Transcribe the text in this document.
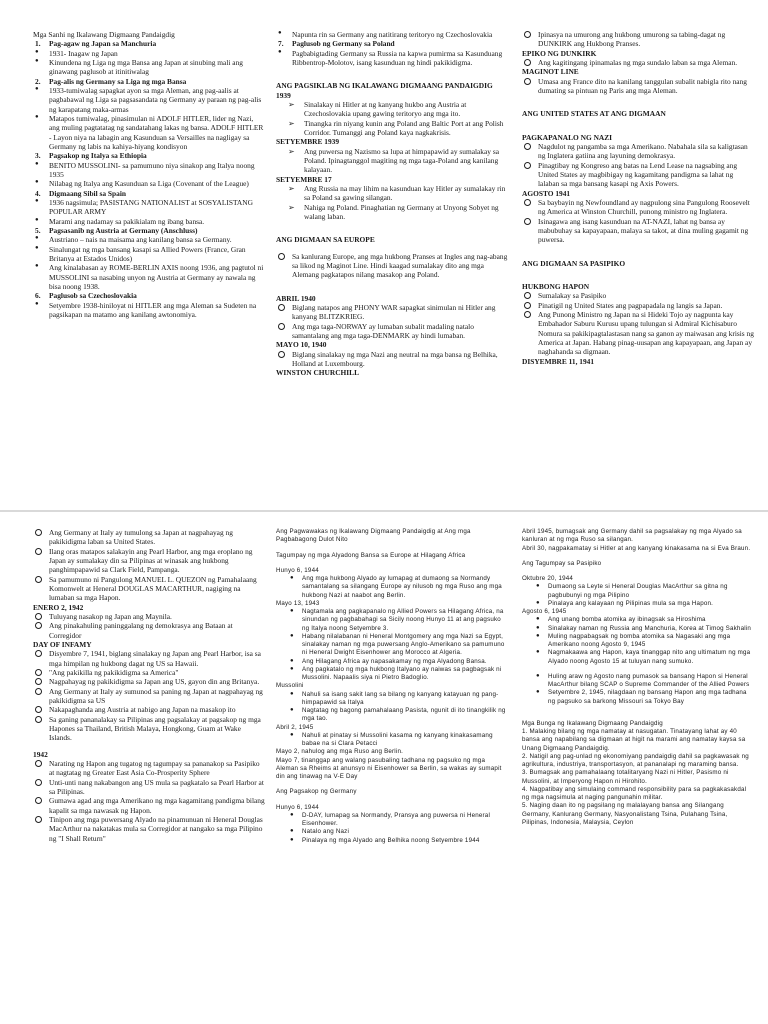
Mga Sanhi ng Ikalawang Digmaang Pandaigdig

1. Pag-agaw ng Japan sa Manchuria
● 1931- Inagaw ng Japan
● Kinundena ng Liga ng mga Bansa ang Japan at sinubing mali ang ginawang paglusob at itinitiwalag
2. Pag-alis ng Germany sa Liga ng mga Bansa
● 1933-tumiwalag sapagkat ayon sa mga Aleman, ang pag-aalis at pagbabawal ng Liga sa pagsasandata ng Germany ay paraan ng pag-alis ng karapatang maka-armas
● Matapos tumiwalag, pinasimulan ni ADOLF HITLER, lider ng Nazi, ang muling pagtatatag ng sandatahang lakas ng bansa. ADOLF HITLER - Layon niya na labagin ang Kasunduan sa Versailles na nagligay sa Germany ng labis na kahiya-hiyang kondisyon
3. Pagsakop ng Italya sa Ethiopia
● BENITO MUSSOLINI- sa pamumuno niya sinakop ang Italya noong 1935
● Nilabag ng Italya ang Kasunduan sa Liga (Covenant of the League)
4. Digmaang Sibil sa Spain
● 1936 nagsimula; PASISTANG NATIONALIST at SOSYALISTANG POPULAR ARMY
● Marami ang nadamay sa pakikialam ng ibang bansa.
5. Pagsasanib ng Austria at Germany (Anschluss)
● Austriano – nais na maisama ang kanilang bansa sa Germany.
● Sinalungat ng mga bansang kasapi sa Allied Powers (France, Gran Britanya at Estados Unidos)
● Ang kinalabasan ay ROME-BERLIN AXIS noong 1936, ang pagtutol ni MUSSOLINI sa nasabing unyon ng Austria at Germany ay nawala ng bisa noong 1938.
6. Paglusob sa Czechoslovakia
● Setyembre 1938-hiniloyat ni HITLER ang mga Aleman sa Sudeten na pagsikapan na matamo ang kanilang awtonomiya.
● Napunta rin sa Germany ang natitirang teritoryo ng Czechoslovakia
7. Paglusob ng Germany sa Poland
● Pagbabigtading Germany sa Russia na kapwa pumirma sa Kasunduang Ribbentrop-Molotov, isang kasunduan ng hindi pakikidigma.

ANG PAGSIKLAB NG IKALAWANG DIGMAANG PANDAIGDIG

1939

➢ Sinalakay ni Hitler at ng kanyang hukbo ang Austria at Czechoslovakia upang gawing teritoryo ang mga ito.
➢ Tinangka rin niyang kunin ang Poland ang Baltic Port at ang Polish Corridor. Tumanggi ang Poland kaya nagkakrisis.

SETYEMBRE 1939

➢ Ang puwersa ng Nazismo sa lupa at himpapawid ay sumalakay sa Poland. Ipinagtanggol magiting ng mga taga-Poland ang kanilang kalayaan.

SETYEMBRE 17

➢ Ang Russia na may lihim na kasunduan kay Hitler ay sumalakay rin sa Poland sa gawing silangan.
➢ Nahiga ng Poland. Pinaghatian ng Germany at Unyong Sobyet ng walang laban.

ANG DIGMAAN SA EUROPE

Sa kanlurang Europe, ang mga hukbong Pranses at Ingles ang nag-abang sa likod ng Maginot Line. Hindi kaagad sumalakay dito ang mga Alemang pagkatapos nilang masakop ang Poland.

ABRIL 1940

Biglang natapos ang PHONY WAR sapagkat sinimulan ni Hitler ang kanyang BLITZKRIEG.
Ang mga taga-NORWAY ay lumaban subalit madaling natalo samantalang ang mga taga-DENMARK ay hindi lumaban.

MAYO 10, 1940

Biglang sinalakay ng mga Nazi ang neutral na mga bansa ng Belhika, Holland at Luxembourg.

WINSTON CHURCHILL

Ipinasya na umurong ang hukbong umurong sa tabing-dagat ng DUNKIRK ang Hukbong Pranses.

EPIKO NG DUNKIRK

Ang kagitingang ipinamalas ng mga sundalo laban sa mga Aleman.

MAGINOT LINE

Umasa ang France dito na kanilang tanggulan subalit nabigla rito nang dumating sa pintuan ng Paris ang mga Aleman.

ANG UNITED STATES AT ANG DIGMAAN

PAGKAPANALO NG NAZI

Nagdulot ng pangamba sa mga Amerikano. Nabahala sila sa kaligtasan ng Inglatera gatiina ang layuning demokrasya.
Pinagtibay ng Kongreso ang batas na Lend Lease na nagsabing ang United States ay magbibigay ng kagamitang pandigma sa lahat ng lalaban sa mga bansang kasapi ng Axis Powers.

AGOSTO 1941

Sa baybayin ng Newfoundland ay nagpulong sina Pangulong Roosevelt ng America at Winston Churchill, punong ministro ng Inglatera.
Isinagawa ang isang kasunduan na AT-NAZI, lahat ng bansa ay mabubuhay sa kapayapaan, malaya sa takot, at dina muling gagamit ng puwersa.

ANG DIGMAAN SA PASIPIKO

HUKBONG HAPON

Sumalakay sa Pasipiko
Pinatigil ng United States ang pagpapadala ng langis sa Japan.
Ang Punong Ministro ng Japan na si Hideki Tojo ay nagpunta kay Embahador Saburu Kurusu upang tulungan si Admiral Kichisaburo Nomura sa pakikipagtalastasan nang sa ganon ay maiwasan ang krisis ng America at Japan. Habang pinag-uusapan ang kapayapaan, ang Japan ay naghahanda sa digmaan.

DISYEMBRE 11, 1941

Ang Germany at Italy ay tumulong sa Japan at nagpahayag ng pakikidigma laban sa United States.
Ilang oras matapos salakayin ang Pearl Harbor, ang mga eroplano ng Japan ay sumalakay din sa Pilipinas at winasak ang hukbong panghimpapawid sa Clark Field, Pampanga.
Sa pamumuno ni Pangulong MANUEL L. QUEZON ng Pamahalaang Komonwelt at Heneral DOUGLAS MACARTHUR, nagiging na lumaban sa mga Hapon.

ENERO 2, 1942

Tuluyang nasakop ng Japan ang Maynila.
Ang pinakahuling paninggalang ng demokrasya ang Bataan at Corregidor

DAY OF INFAMY

Disyembre 7, 1941, biglang sinalakay ng Japan ang Pearl Harbor, isa sa mga himpilan ng hukbong dagat ng US sa Hawaii.
"Ang pakikilla ng pakikidigma sa America"
Nagpahayag ng pakikidigma sa Japan ang US, gayon din ang Britanya.
Ang Germany at Italy ay sumunod sa paning ng Japan at nagpahayag ng pakikidigma sa US
Nakapaghanda ang Austria at nabigo ang Japan na masakop ito
Sa ganing pananalakay sa Pilipinas ang pagsalakay at pagsakop ng mga Hapones sa Thailand, British Malaya, Hongkong, Guam at Wake Islands.

1942

Narating ng Hapon ang tugatog ng tagumpay sa pananakop sa Pasipiko at nagtatag ng Greater East Asia Co-Prosperity Sphere
Unti-unti nang nakabangon ang US mula sa pagkatalo sa Pearl Harbor at sa Pilipinas.
Gumawa agad ang mga Amerikano ng mga kagamitang pandigma bilang kapalit sa mga nawasak ng Hapon.
Tinipon ang mga puwersang Alyado na pinamunuan ni Heneral Douglas MacArthur na nakatakas mula sa Corregidor at nangako sa mga Pilipino ng "I Shall Return"

Ang Pagwawakas ng Ikalawang Digmaang Pandaigdig at Ang mga Pagbabagong Dulot Nito

Tagumpay ng mga Alyadong Bansa sa Europe at Hilagang Africa

Hunyo 6, 1944

● Ang mga hukbong Alyado ay lumapag at dumaong sa Normandy samantalang sa silangang Europe ay nilusob ng mga Ruso ang mga hukbong Nazi at naabot ang Berlin.

Mayo 13, 1943

● Nagtamala ang pagkapanalo ng Allied Powers sa Hilagang Africa, na sinundan ng pagbabahagi sa Sicily noong Hunyo 11 at ang pagsuko ng Italya noong Setyembre 3.
● Habang nilalabanan ni Heneral Montgomery ang mga Nazi sa Egypt, sinalakay naman ng mga puwersang Anglo-Amerikano sa pamumuno ni Heneral Dwight Eisenhower ang Morocco at Algeria.
● Ang Hilagang Africa ay napasakamay ng mga Alyadong Bansa.
● Ang pagkatalo ng mga hukbong Italyano ay naiwas sa pagbagsak ni Mussolini. Napaalis siya ni Pietro Badoglio.

Mussolini

● Nahuli sa isang sakit lang sa bilang ng kanyang katayuan ng pang-himpapawid sa Italya
● Nagtatag ng bagong pamahalaang Pasista, ngunit di ito tinangkilik ng mga tao.

Abril 2, 1945

● Nahuli at pinatay si Mussolini kasama ng kanyang kinakasamang babae na si Clara Petacci

Mayo 2, nahulog ang mga Ruso ang Berlin.

Mayo 7, tinanggap ang walang pasubaling tadhana ng pagsuko ng mga Aleman sa Rheims at anunsyo ni Eisenhower sa Berlin, sa wakas ay sumapit din ang tinawag na V-E Day

Ang Pagsakop ng Germany

Hunyo 6, 1944

● D-DAY, lumapag sa Normandy, Pransya ang puwersa ni Heneral Eisenhower.
● Natalo ang Nazi
● Pinalaya ng mga Alyado ang Belhika noong Setyembre 1944

Abril 1945, bumagsak ang Germany dahil sa pagsalakay ng mga Alyado sa kanluran at ng mga Ruso sa silangan.

Abril 30, nagpakamatay si Hitler at ang kanyang kinakasama na si Eva Braun.

Ang Tagumpay sa Pasipiko

Oktubre 20, 1944

● Dumaong sa Leyte si Heneral Douglas MacArthur sa gitna ng pagbubunyi ng mga Pilipino
● Pinalaya ang kalayaan ng Pilipinas mula sa mga Hapon.

Agosto 6, 1945

● Ang unang bomba atomika ay ibinagsak sa Hiroshima
● Sinalakay naman ng Russia ang Manchuria, Korea at Timog Sakhalin
● Muling nagpabagsak ng bomba atomika sa Nagasaki ang mga Amerikano noong Agosto 9, 1945
● Nagmakaawa ang Hapon, kaya tinanggap nito ang ultimatum ng mga Alyado noong Agosto 15 at tuluyan nang sumuko.
● Huling araw ng Agosto nang pumasok sa bansang Hapon si Heneral MacArthur bilang SCAP o Supreme Commander of the Allied Powers
● Setyembre 2, 1945, nilagdaan ng bansang Hapon ang mga tadhana ng pagsuko sa barkong Missouri sa Tokyo Bay

Mga Bunga ng Ikalawang Digmaang Pandaigdig

1. Malaking bilang ng mga namatay at nasugatan. Tinatayang lahat ay 40 bansa ang napabilang sa digmaan at higit na marami ang namatay kaysa sa Unang Digmaang Pandaigdig.

2. Natigil ang pag-unlad ng ekonomiyang pandaigdig dahil sa pagkawasak ng agrikultura, industriya, transportasyon, at pananalapi ng maraming bansa.

3. Bumagsak ang pamahalaang totalitaryang Nazi ni Hitler, Pasismo ni Mussolini, at Imperyong Hapon ni Hirohito.

4. Nagpatibay ang simulaing command responsibility para sa pagkakasakdal ng mga nagsimula at naging pangunahin militar.

5. Naging daan ito ng pagsilang ng malalayang bansa ang Silangang Germany, Kanlurang Germany, Nasyonalistang Tsina, Pulahang Tsina, Pilipinas, Indonesia, Malaysia, Ceylon
